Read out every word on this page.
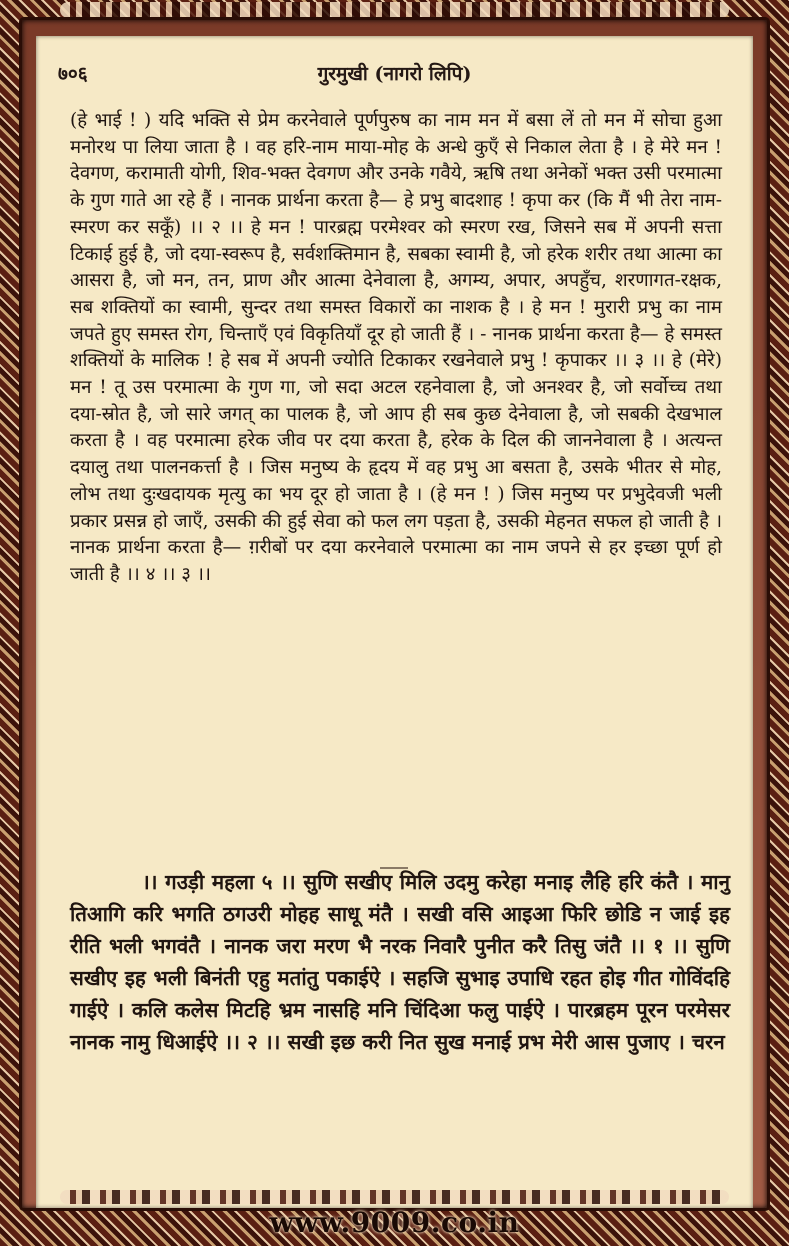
७०६	गुरमुखी (नागरो लिपि)
(हे भाई ! ) यदि भक्ति से प्रेम करनेवाले पूर्णपुरुष का नाम मन में बसा लें तो मन में सोचा हुआ मनोरथ पा लिया जाता है । वह हरि-नाम माया-मोह के अन्धे कुएँ से निकाल लेता है । हे मेरे मन ! देवगण, करामाती योगी, शिव-भक्त देवगण और उनके गवैये, ऋषि तथा अनेकों भक्त उसी परमात्मा के गुण गाते आ रहे हैं । नानक प्रार्थना करता है— हे प्रभु बादशाह ! कृपा कर (कि मैं भी तेरा नाम-स्मरण कर सकूँ) ।। २ ।। हे मन ! पारब्रह्म परमेश्वर को स्मरण रख, जिसने सब में अपनी सत्ता टिकाई हुई है, जो दया-स्वरूप है, सर्वशक्तिमान है, सबका स्वामी है, जो हरेक शरीर तथा आत्मा का आसरा है, जो मन, तन, प्राण और आत्मा देनेवाला है, अगम्य, अपार, अपहुँच, शरणागत-रक्षक, सब शक्तियों का स्वामी, सुन्दर तथा समस्त विकारों का नाशक है । हे मन ! मुरारी प्रभु का नाम जपते हुए समस्त रोग, चिन्ताएँ एवं विकृतियाँ दूर हो जाती हैं । - नानक प्रार्थना करता है— हे समस्त शक्तियों के मालिक ! हे सब में अपनी ज्योति टिकाकर रखनेवाले प्रभु ! कृपाकर ।। ३ ।। हे (मेरे) मन ! तू उस परमात्मा के गुण गा, जो सदा अटल रहनेवाला है, जो अनश्वर है, जो सर्वोच्च तथा दया-स्रोत है, जो सारे जगत् का पालक है, जो आप ही सब कुछ देनेवाला है, जो सबकी देखभाल करता है । वह परमात्मा हरेक जीव पर दया करता है, हरेक के दिल की जाननेवाला है । अत्यन्त दयालु तथा पालनकर्त्ता है । जिस मनुष्य के हृदय में वह प्रभु आ बसता है, उसके भीतर से मोह, लोभ तथा दुःखदायक मृत्यु का भय दूर हो जाता है । (हे मन ! ) जिस मनुष्य पर प्रभुदेवजी भली प्रकार प्रसन्न हो जाएँ, उसकी की हुई सेवा को फल लग पड़ता है, उसकी मेहनत सफल हो जाती है । नानक प्रार्थना करता है— ग़रीबों पर दया करनेवाले परमात्मा का नाम जपने से हर इच्छा पूर्ण हो जाती है ।। ४ ।। ३ ।।
।। गउड़ी महला ५ ।। सुणि सखीए मिलि उदमु करेहा मनाइ लैहि हरि कंतै । मानु तिआगि करि भगति ठगउरी मोहह साधू मंतै । सखी वसि आइआ फिरि छोडि न जाई इह रीति भली भगवंतै । नानक जरा मरण भै नरक निवारै पुनीत करै तिसु जंतै ।। १ ।। सुणि सखीए इह भली बिनंती एहु मतांतु पकाईऐ । सहजि सुभाइ उपाधि रहत होइ गीत गोविंदहि गाईऐ । कलि कलेस मिटहि भ्रम नासहि मनि चिंदिआ फलु पाईऐ । पारब्रहम पूरन परमेसर नानक नामु धिआईऐ ।। २ ।। सखी इछ करी नित सुख मनाई प्रभ मेरी आस पुजाए । चरन
www.9009.co.in
